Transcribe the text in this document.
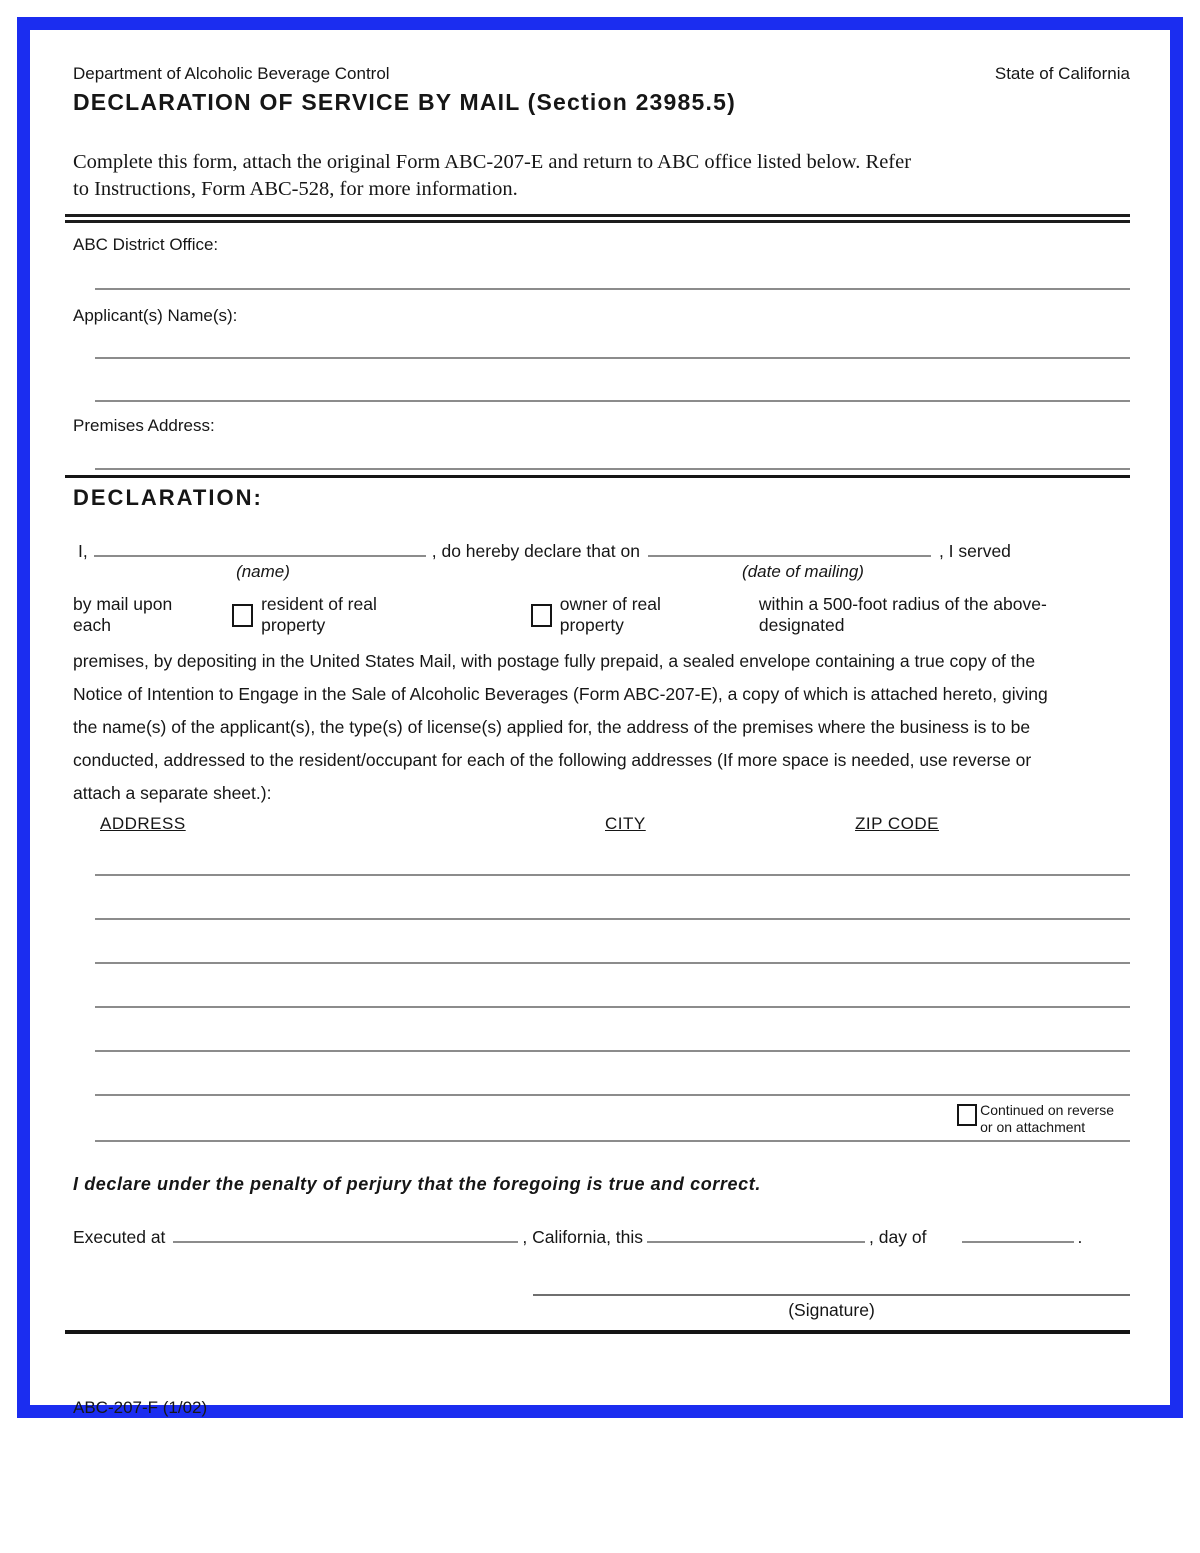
Department of Alcoholic Beverage Control	State of California
DECLARATION OF SERVICE BY MAIL (Section 23985.5)
Complete this form, attach the original Form ABC-207-E and return to ABC office listed below. Refer
to Instructions, Form ABC-528, for more information.
ABC District Office:
Applicant(s) Name(s):
Premises Address:
DECLARATION:
I,	, do hereby declare that on	, I served
(name)	(date of mailing)
by mail upon each
resident of real property
owner of real property
within a 500-foot radius of the above-designated
premises, by depositing in the United States Mail, with postage fully prepaid, a sealed envelope containing a true copy of the
Notice of Intention to Engage in the Sale of Alcoholic Beverages (Form ABC-207-E), a copy of which is attached hereto, giving
the name(s) of the applicant(s), the type(s) of license(s) applied for, the address of the premises where the business is to be
conducted, addressed to the resident/occupant for each of the following addresses (If more space is needed, use reverse or
attach a separate sheet.):
ADDRESS	CITY	ZIP CODE
Continued on reverse
or on attachment
I declare under the penalty of perjury that the foregoing is true and correct.
Executed at	, California, this	, day of	.
(Signature)
ABC-207-F (1/02)
